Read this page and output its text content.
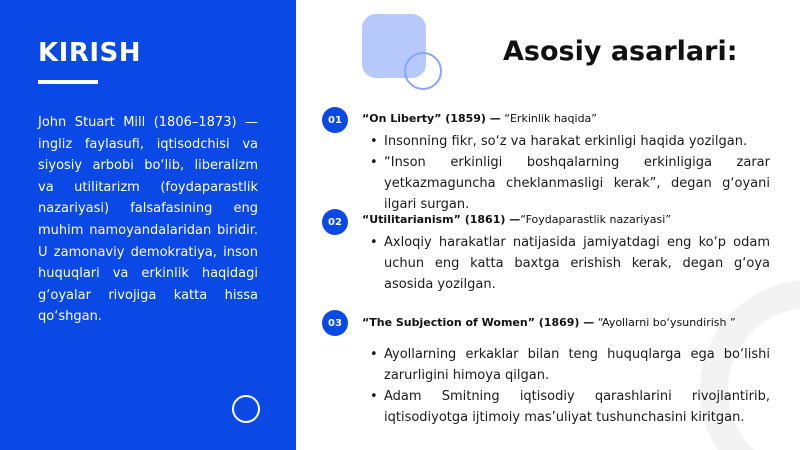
KIRISH
John Stuart Mill (1806–1873) — ingliz faylasufi, iqtisodchisi va siyosiy arbobi bo‘lib, liberalizm va utilitarizm (foydaparastlik nazariyasi) falsafasining eng muhim namoyandalaridan biridir. U zamonaviy demokratiya, inson huquqlari va erkinlik haqidagi g‘oyalar rivojiga katta hissa qo‘shgan.
Asosiy asarlari:
01	“On Liberty” (1859) — “Erkinlik haqida”
• Insonning fikr, so‘z va harakat erkinligi haqida yozilgan.
• “Inson erkinligi boshqalarning erkinligiga zarar yetkazmaguncha cheklanmasligi kerak”, degan g‘oyani ilgari surgan.
02	“Utilitarianism” (1861) —“Foydaparastlik nazariyasi”
• Axloqiy harakatlar natijasida jamiyatdagi eng ko‘p odam uchun eng katta baxtga erishish kerak, degan g‘oya asosida yozilgan.
03	“The Subjection of Women” (1869) — “Ayollarni bo‘ysundirish ”
• Ayollarning erkaklar bilan teng huquqlarga ega bo‘lishi zarurligini himoya qilgan.
• Adam Smitning iqtisodiy qarashlarini rivojlantirib, iqtisodiyotga ijtimoiy mas’uliyat tushunchasini kiritgan.
